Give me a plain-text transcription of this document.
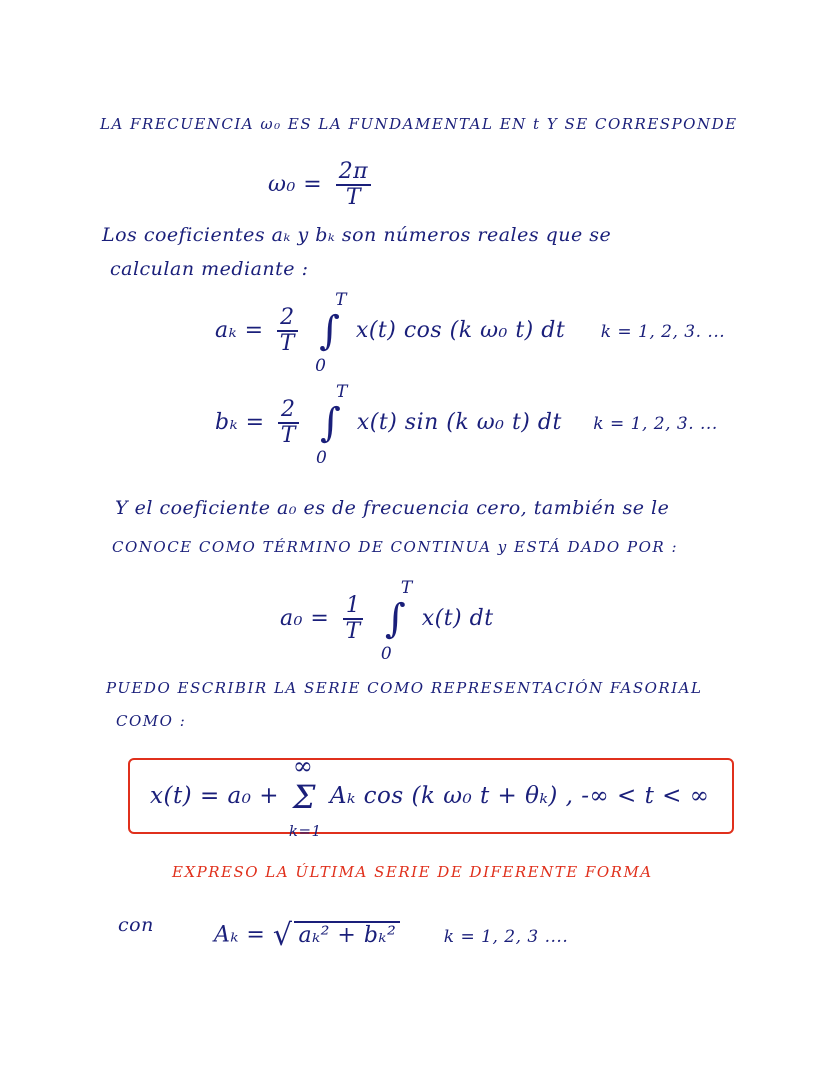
LA FRECUENCIA ω₀ ES LA FUNDAMENTAL EN t Y SE CORRESPONDE
$\omega_0 = \frac{2\pi}{T}$
Los coeficientes aₖ y bₖ son números reales que se
calculan mediante :
$a_k = \frac{2}{T}$ ∫
T
0
x(t) cos (k ω₀ t) dt k = 1, 2, 3. ...
$b_k = \frac{2}{T}$ ∫
T
0
x(t) sin (k ω₀ t) dt k = 1, 2, 3. ...
Y el coeficiente a₀ es de frecuencia cero, también se le
CONOCE COMO TÉRMINO DE CONTINUA y ESTÁ DADO POR :
$a_0 = \frac{1}{T}$ ∫
T
0
x(t) dt
PUEDO ESCRIBIR LA SERIE COMO REPRESENTACIÓN FASORIAL
COMO :
x(t) = a₀ + Σ
∞
k=1
Aₖ cos (k ω₀ t + θₖ) , -∞ < t < ∞
EXPRESO LA ÚLTIMA SERIE DE DIFERENTE FORMA
con	Aₖ = √ aₖ² + bₖ²	k = 1, 2, 3 ....
